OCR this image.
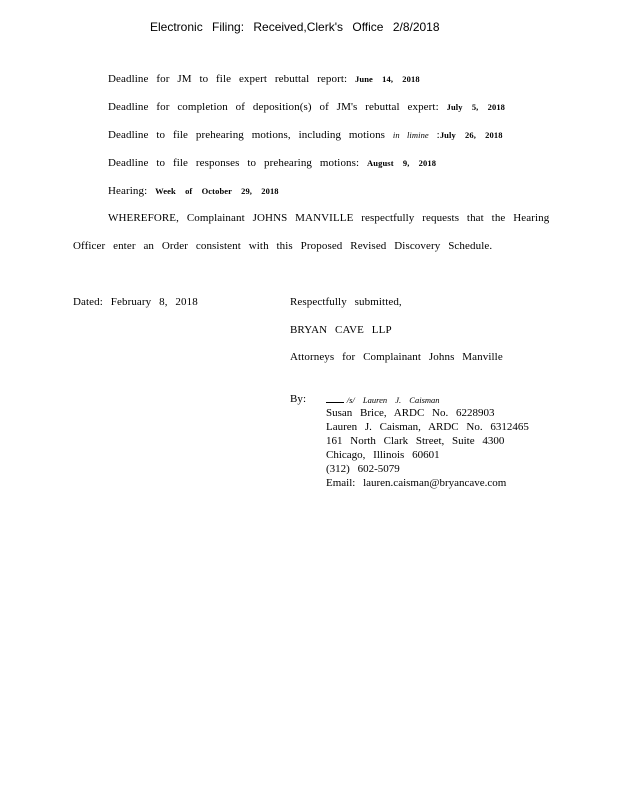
Electronic Filing: Received,Clerk's Office 2/8/2018
Deadline for JM to file expert rebuttal report: June 14, 2018
Deadline for completion of deposition(s) of JM's rebuttal expert: July 5, 2018
Deadline to file prehearing motions, including motions in limine :July 26, 2018
Deadline to file responses to prehearing motions: August 9, 2018
Hearing: Week of October 29, 2018
WHEREFORE, Complainant JOHNS MANVILLE respectfully requests that the Hearing
Officer enter an Order consistent with this Proposed Revised Discovery Schedule.
Dated: February 8, 2018	Respectfully submitted,
BRYAN CAVE LLP
Attorneys for Complainant Johns Manville
By:	/s/ Lauren J. Caisman
Susan Brice, ARDC No. 6228903
Lauren J. Caisman, ARDC No. 6312465
161 North Clark Street, Suite 4300
Chicago, Illinois 60601
(312) 602-5079
Email: lauren.caisman@bryancave.com
